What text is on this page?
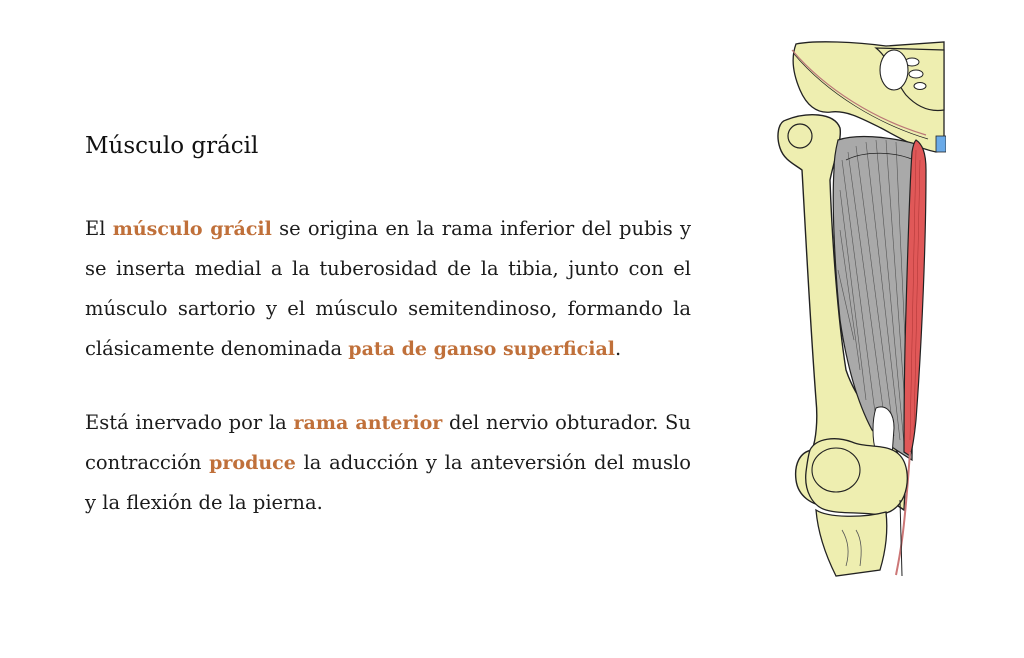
Músculo grácil

El músculo grácil se origina en la rama inferior del pubis y se inserta medial a la tuberosidad de la tibia, junto con el músculo sartorio y el músculo semitendinoso, formando la clásicamente denominada pata de ganso superficial.

Está inervado por la rama anterior del nervio obturador. Su contracción produce la aducción y la anteversión del muslo y la flexión de la pierna.
